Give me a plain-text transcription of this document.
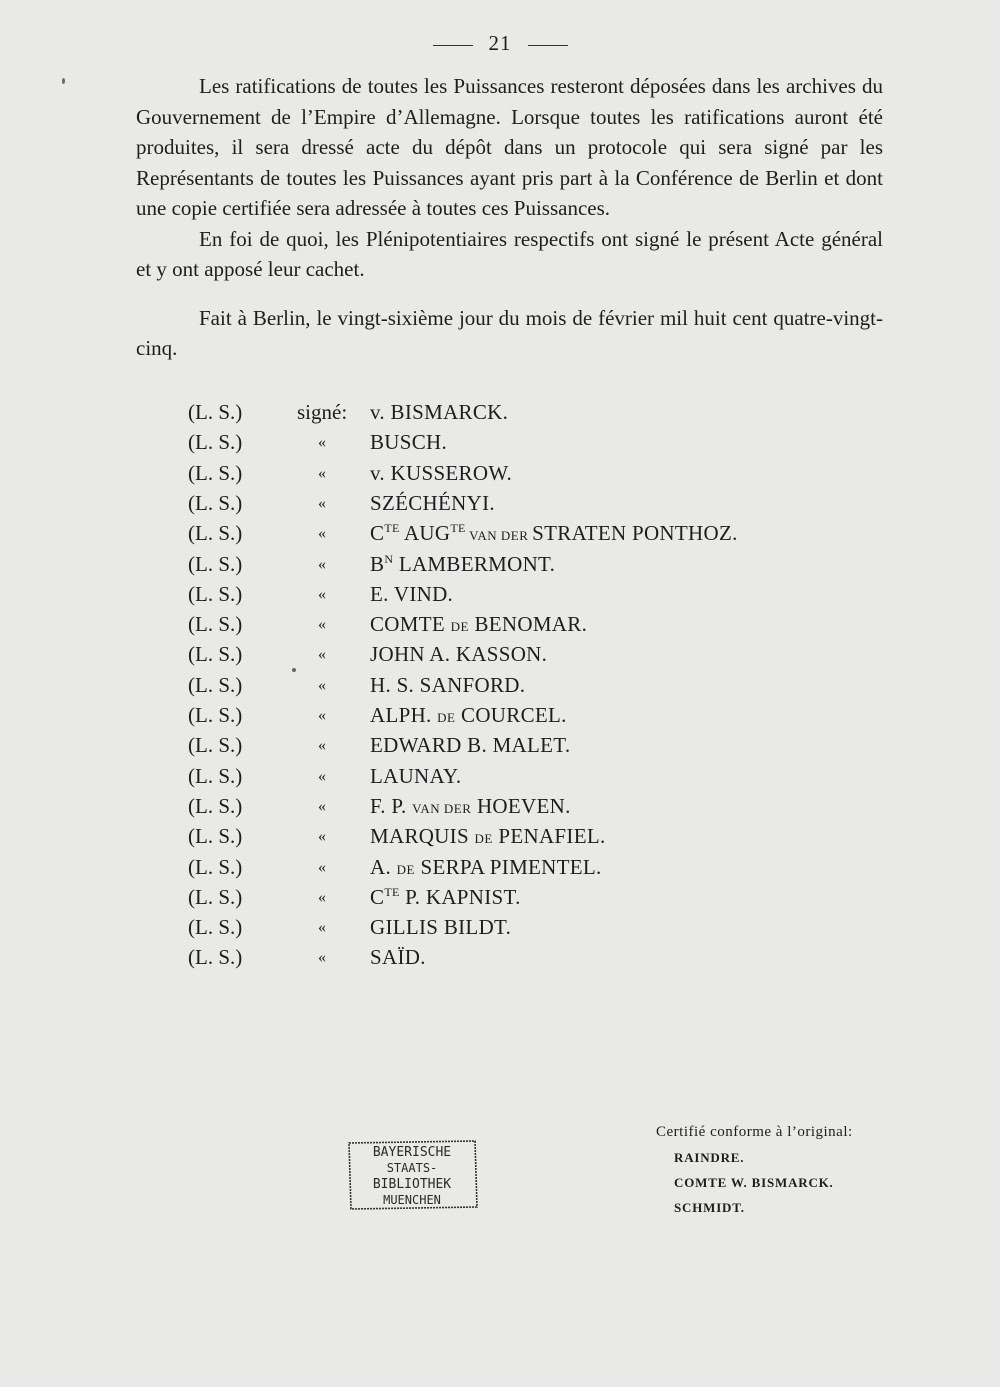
21

Les ratifications de toutes les Puissances resteront déposées dans les archives du Gouvernement de l’Empire d’Allemagne. Lorsque toutes les ratifications auront été produites, il sera dressé acte du dépôt dans un protocole qui sera signé par les Représentants de toutes les Puissances ayant pris part à la Conférence de Berlin et dont une copie certifiée sera adressée à toutes ces Puissances.

En foi de quoi, les Plénipotentiaires respectifs ont signé le présent Acte général et y ont apposé leur cachet.

Fait à Berlin, le vingt-sixième jour du mois de février mil huit cent quatre-vingt-cinq.

(L. S.)	signé: v. BISMARCK.
(L. S.)	« BUSCH.
(L. S.)	« v. KUSSEROW.
(L. S.)	« SZÉCHÉNYI.
(L. S.)	« $C^{TE}$ $AUG^{TE}$ VAN DER STRATEN PONTHOZ.
(L. S.)	« $B^N$ LAMBERMONT.
(L. S.)	« E. VIND.
(L. S.)	« COMTE DE BENOMAR.
(L. S.)	« JOHN A. KASSON.
(L. S.)	« H. S. SANFORD.
(L. S.)	« ALPH. DE COURCEL.
(L. S.)	« EDWARD B. MALET.
(L. S.)	« LAUNAY.
(L. S.)	« F. P. VAN DER HOEVEN.
(L. S.)	« MARQUIS DE PENAFIEL.
(L. S.)	« A. DE SERPA PIMENTEL.
(L. S.)	« $C^{TE}$ P. KAPNIST.
(L. S.)	« GILLIS BILDT.
(L. S.)	« SAÏD.
BAYERISCHE
STAATS-
BIBLIOTHEK
MUENCHEN
Certifié conforme à l’original:
RAINDRE.
COMTE W. BISMARCK.
SCHMIDT.
